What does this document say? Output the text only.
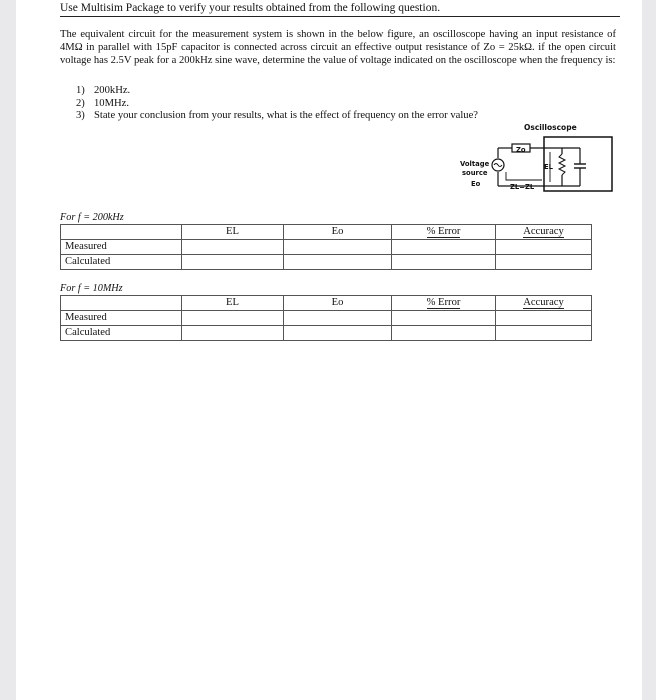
Use Multisim Package to verify your results obtained from the following question.

The equivalent circuit for the measurement system is shown in the below figure, an oscilloscope having an input resistance of 4MΩ in parallel with 15pF capacitor is connected across circuit an effective output resistance of Zo = 25kΩ. if the open circuit voltage has 2.5V peak for a 200kHz sine wave, determine the value of voltage indicated on the oscilloscope when the frequency is:

1) 200kHz.
2) 10MHz.
3) State your conclusion from your results, what is the effect of frequency on the error value?
Oscilloscope
Voltage
source
Eo
Zo
ZL=ZL
EL
For f = 200kHz
	EL	Eo	% Error	Accuracy
Measured				
Calculated				
For f = 10MHz
	EL	Eo	% Error	Accuracy
Measured				
Calculated				
